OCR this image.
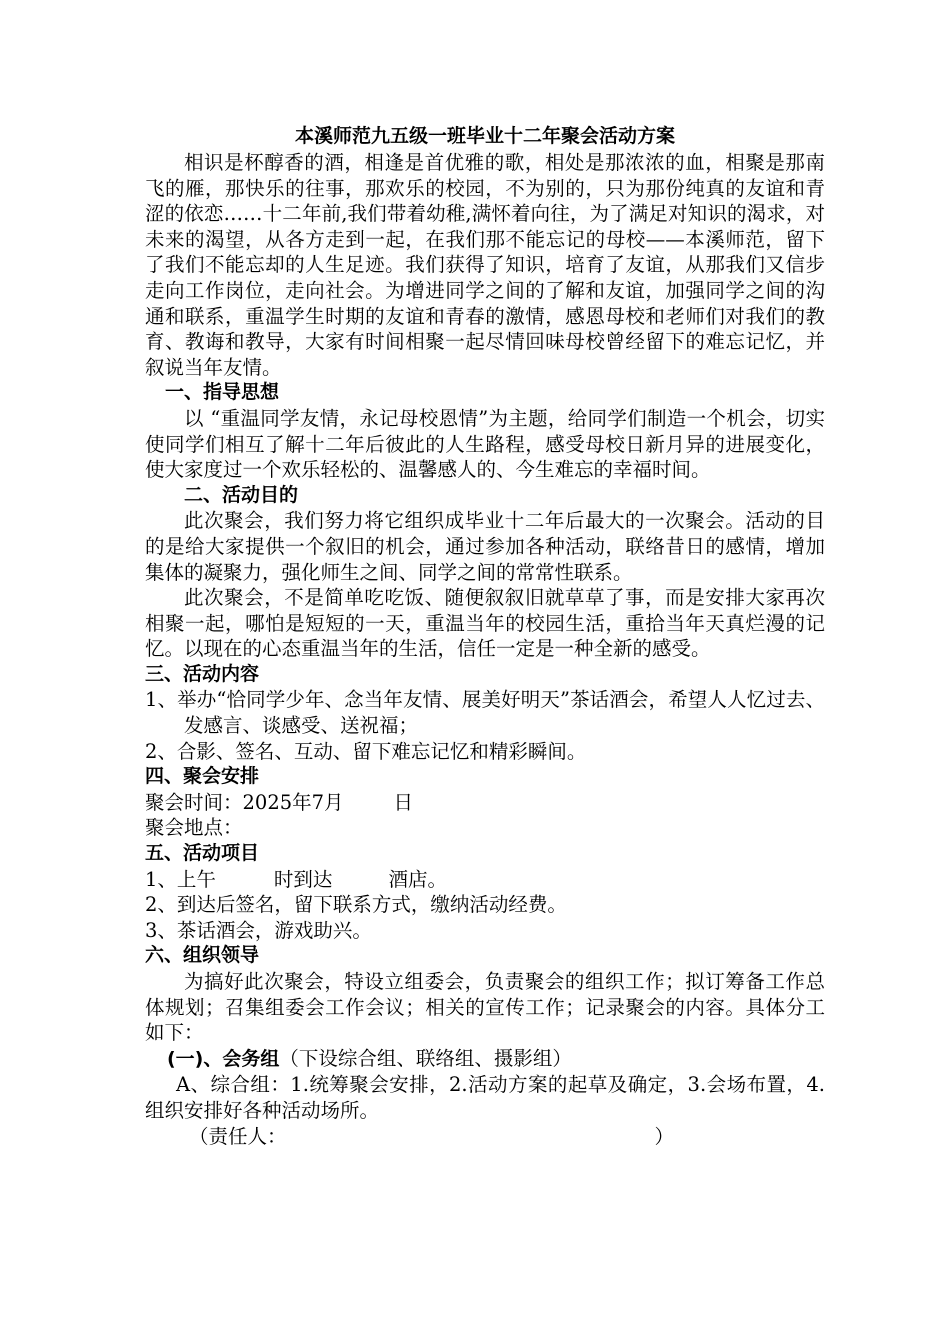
本溪师范九五级一班毕业十二年聚会活动方案

相识是杯醇香的酒，相逢是首优雅的歌，相处是那浓浓的血，相聚是那南飞的雁，那快乐的往事，那欢乐的校园，不为别的，只为那份纯真的友谊和青涩的依恋……十二年前,我们带着幼稚,满怀着向往，为了满足对知识的渴求，对未来的渴望，从各方走到一起，在我们那不能忘记的母校——本溪师范，留下了我们不能忘却的人生足迹。我们获得了知识，培育了友谊，从那我们又信步走向工作岗位，走向社会。为增进同学之间的了解和友谊，加强同学之间的沟通和联系，重温学生时期的友谊和青春的激情，感恩母校和老师们对我们的教育、教诲和教导，大家有时间相聚一起尽情回味母校曾经留下的难忘记忆，并叙说当年友情。

一、指导思想

以 “重温同学友情，永记母校恩情”为主题，给同学们制造一个机会，切实使同学们相互了解十二年后彼此的人生路程，感受母校日新月异的进展变化，使大家度过一个欢乐轻松的、温馨感人的、今生难忘的幸福时间。

二、活动目的

此次聚会，我们努力将它组织成毕业十二年后最大的一次聚会。活动的目的是给大家提供一个叙旧的机会，通过参加各种活动，联络昔日的感情，增加集体的凝聚力，强化师生之间、同学之间的常常性联系。

此次聚会，不是简单吃吃饭、随便叙叙旧就草草了事，而是安排大家再次相聚一起，哪怕是短短的一天，重温当年的校园生活，重拾当年天真烂漫的记忆。以现在的心态重温当年的生活，信任一定是一种全新的感受。

三、活动内容

1、举办“恰同学少年、念当年友情、展美好明天”茶话酒会，希望人人忆过去、发感言、谈感受、送祝福；

2、合影、签名、互动、留下难忘记忆和精彩瞬间。

四、聚会安排

聚会时间：2025年7月	日

聚会地点：

五、活动项目

1、上午	时到达	酒店。

2、到达后签名，留下联系方式，缴纳活动经费。

3、茶话酒会，游戏助兴。

六、组织领导

为搞好此次聚会，特设立组委会，负责聚会的组织工作；拟订筹备工作总体规划；召集组委会工作会议；相关的宣传工作；记录聚会的内容。具体分工如下：

(一)、会务组（下设综合组、联络组、摄影组）

A、综合组：1.统筹聚会安排，2.活动方案的起草及确定，3.会场布置，4.组织安排好各种活动场所。

（责任人：	）
